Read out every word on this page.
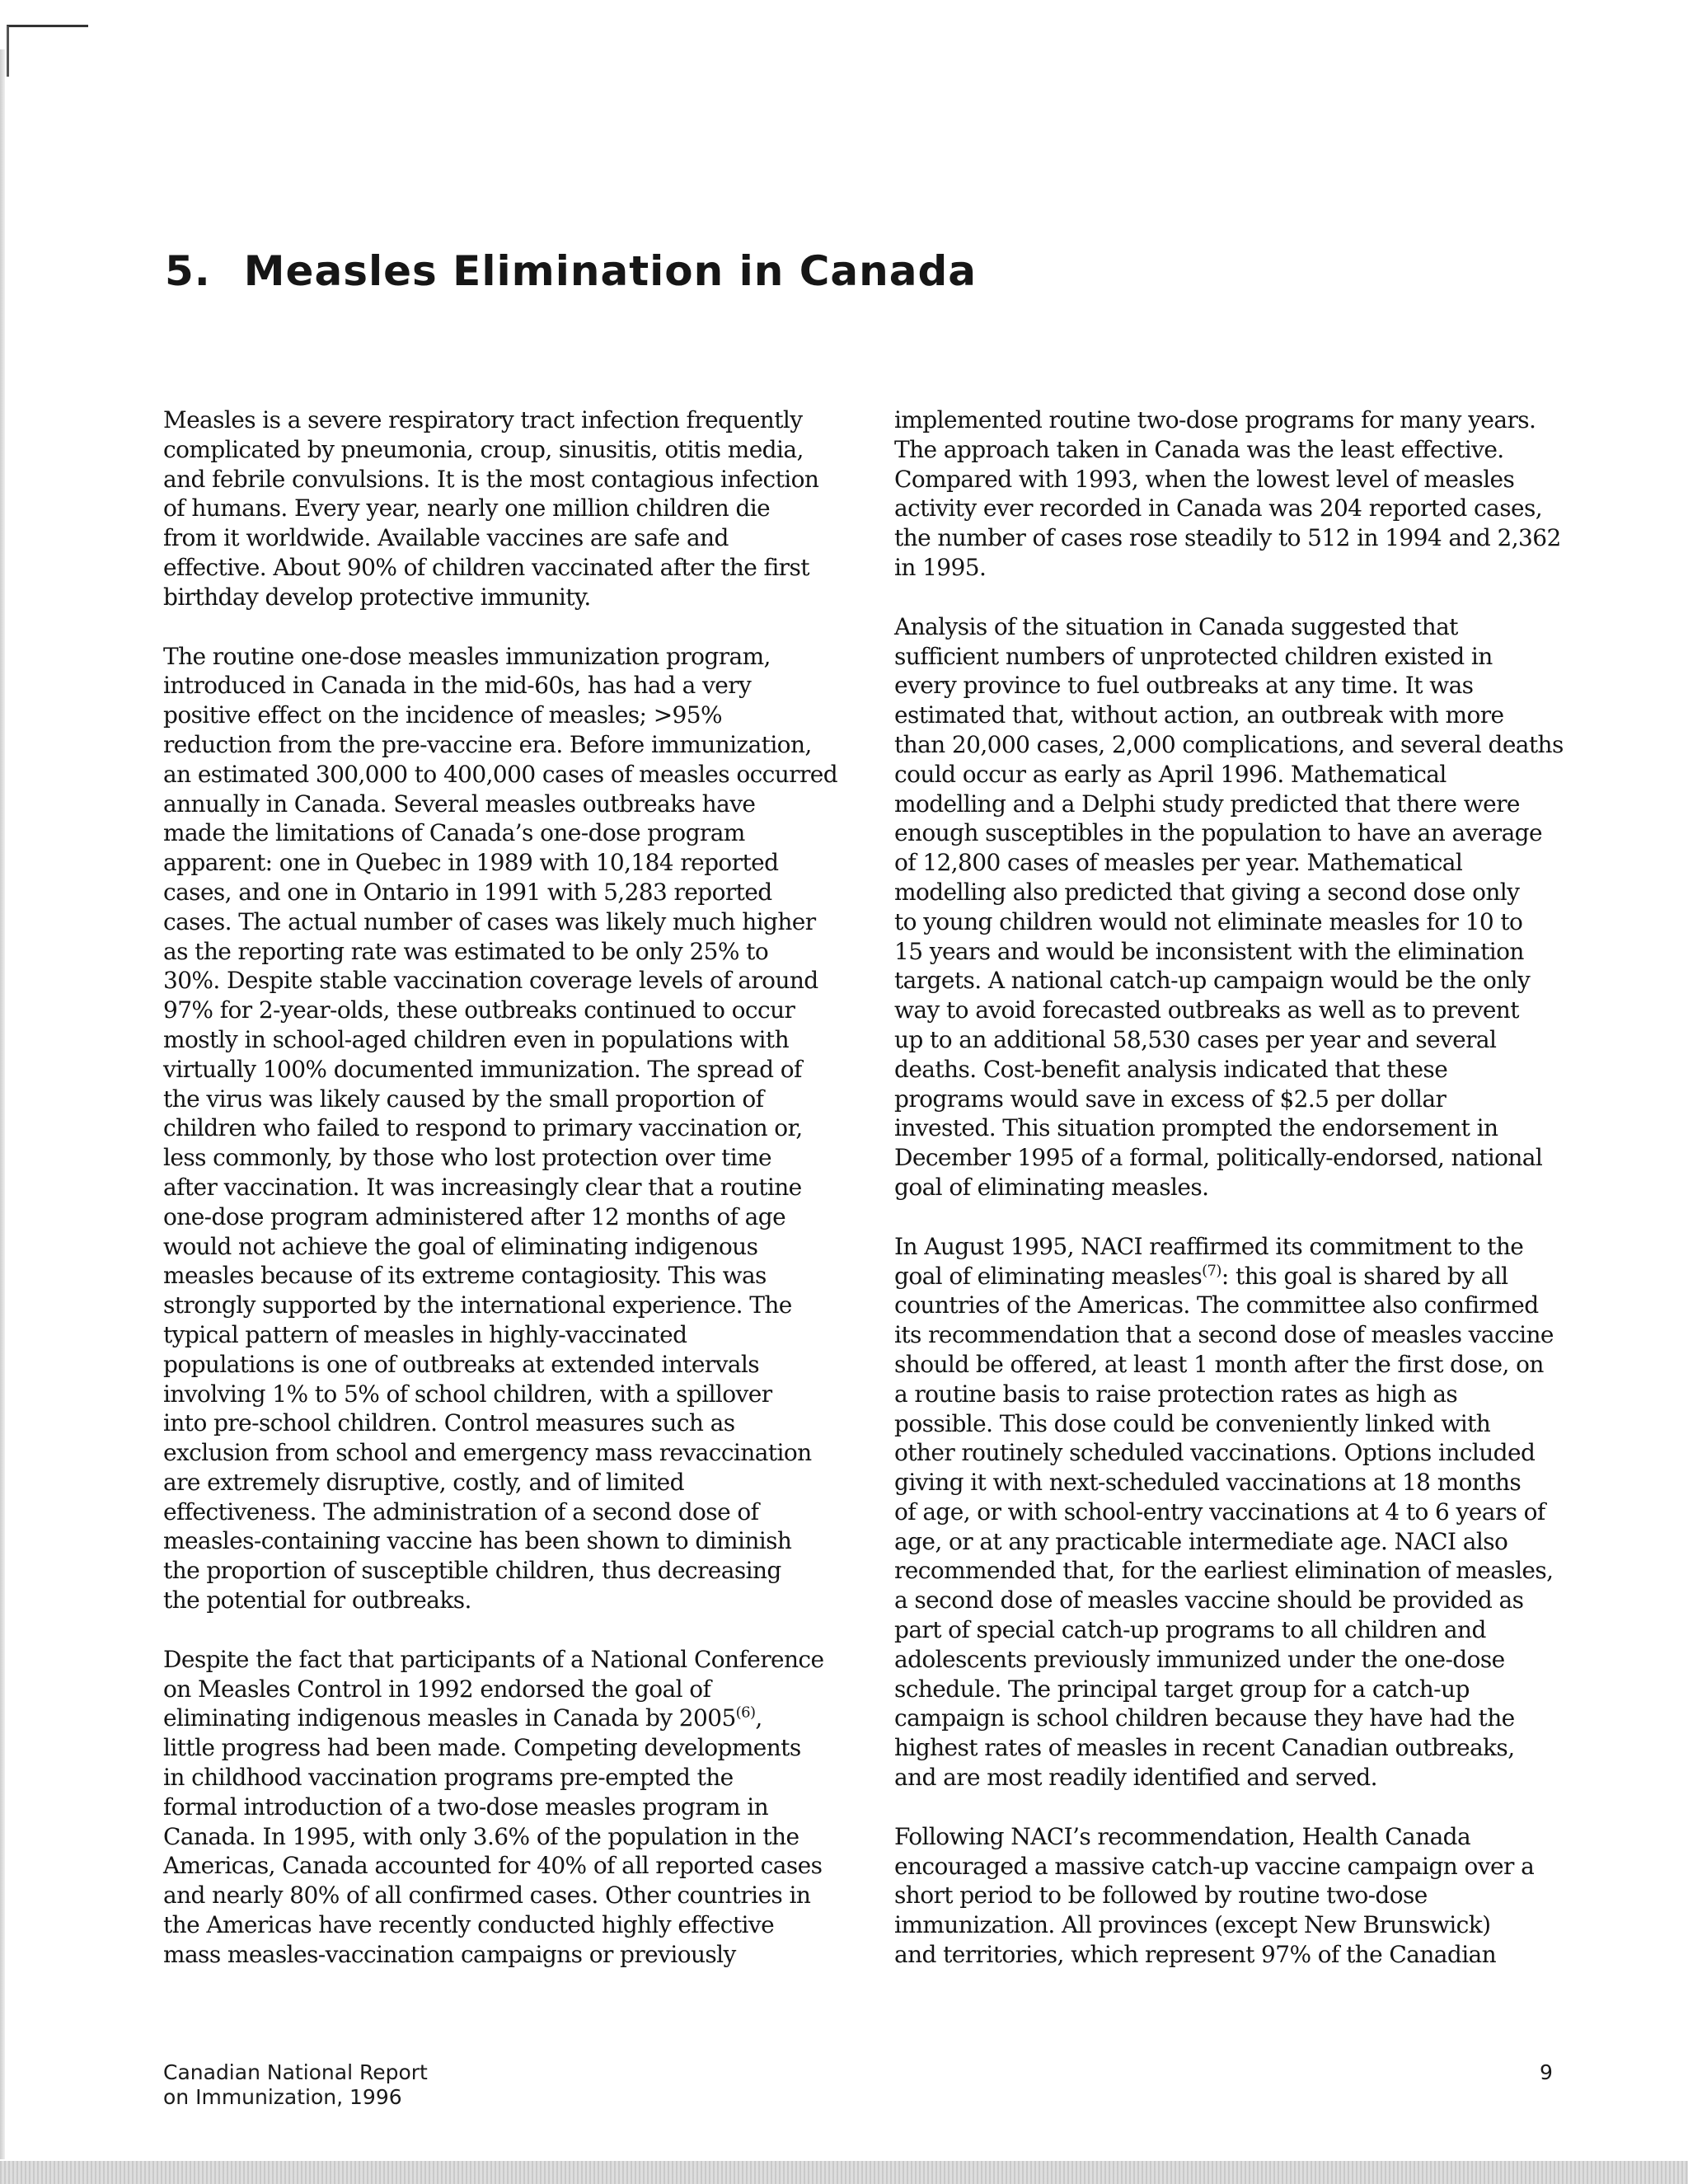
5. Measles Elimination in Canada

Measles is a severe respiratory tract infection frequently
complicated by pneumonia, croup, sinusitis, otitis media,
and febrile convulsions. It is the most contagious infection
of humans. Every year, nearly one million children die
from it worldwide. Available vaccines are safe and
effective. About 90% of children vaccinated after the first
birthday develop protective immunity.

The routine one-dose measles immunization program,
introduced in Canada in the mid-60s, has had a very
positive effect on the incidence of measles; >95%
reduction from the pre-vaccine era. Before immunization,
an estimated 300,000 to 400,000 cases of measles occurred
annually in Canada. Several measles outbreaks have
made the limitations of Canada’s one-dose program
apparent: one in Quebec in 1989 with 10,184 reported
cases, and one in Ontario in 1991 with 5,283 reported
cases. The actual number of cases was likely much higher
as the reporting rate was estimated to be only 25% to
30%. Despite stable vaccination coverage levels of around
97% for 2-year-olds, these outbreaks continued to occur
mostly in school-aged children even in populations with
virtually 100% documented immunization. The spread of
the virus was likely caused by the small proportion of
children who failed to respond to primary vaccination or,
less commonly, by those who lost protection over time
after vaccination. It was increasingly clear that a routine
one-dose program administered after 12 months of age
would not achieve the goal of eliminating indigenous
measles because of its extreme contagiosity. This was
strongly supported by the international experience. The
typical pattern of measles in highly-vaccinated
populations is one of outbreaks at extended intervals
involving 1% to 5% of school children, with a spillover
into pre-school children. Control measures such as
exclusion from school and emergency mass revaccination
are extremely disruptive, costly, and of limited
effectiveness. The administration of a second dose of
measles-containing vaccine has been shown to diminish
the proportion of susceptible children, thus decreasing
the potential for outbreaks.

Despite the fact that participants of a National Conference
on Measles Control in 1992 endorsed the goal of
eliminating indigenous measles in Canada by 2005$^{(6)}$,
little progress had been made. Competing developments
in childhood vaccination programs pre-empted the
formal introduction of a two-dose measles program in
Canada. In 1995, with only 3.6% of the population in the
Americas, Canada accounted for 40% of all reported cases
and nearly 80% of all confirmed cases. Other countries in
the Americas have recently conducted highly effective
mass measles-vaccination campaigns or previously

implemented routine two-dose programs for many years.
The approach taken in Canada was the least effective.
Compared with 1993, when the lowest level of measles
activity ever recorded in Canada was 204 reported cases,
the number of cases rose steadily to 512 in 1994 and 2,362
in 1995.

Analysis of the situation in Canada suggested that
sufficient numbers of unprotected children existed in
every province to fuel outbreaks at any time. It was
estimated that, without action, an outbreak with more
than 20,000 cases, 2,000 complications, and several deaths
could occur as early as April 1996. Mathematical
modelling and a Delphi study predicted that there were
enough susceptibles in the population to have an average
of 12,800 cases of measles per year. Mathematical
modelling also predicted that giving a second dose only
to young children would not eliminate measles for 10 to
15 years and would be inconsistent with the elimination
targets. A national catch-up campaign would be the only
way to avoid forecasted outbreaks as well as to prevent
up to an additional 58,530 cases per year and several
deaths. Cost-benefit analysis indicated that these
programs would save in excess of $2.5 per dollar
invested. This situation prompted the endorsement in
December 1995 of a formal, politically-endorsed, national
goal of eliminating measles.

In August 1995, NACI reaffirmed its commitment to the
goal of eliminating measles$^{(7)}$: this goal is shared by all
countries of the Americas. The committee also confirmed
its recommendation that a second dose of measles vaccine
should be offered, at least 1 month after the first dose, on
a routine basis to raise protection rates as high as
possible. This dose could be conveniently linked with
other routinely scheduled vaccinations. Options included
giving it with next-scheduled vaccinations at 18 months
of age, or with school-entry vaccinations at 4 to 6 years of
age, or at any practicable intermediate age. NACI also
recommended that, for the earliest elimination of measles,
a second dose of measles vaccine should be provided as
part of special catch-up programs to all children and
adolescents previously immunized under the one-dose
schedule. The principal target group for a catch-up
campaign is school children because they have had the
highest rates of measles in recent Canadian outbreaks,
and are most readily identified and served.

Following NACI’s recommendation, Health Canada
encouraged a massive catch-up vaccine campaign over a
short period to be followed by routine two-dose
immunization. All provinces (except New Brunswick)
and territories, which represent 97% of the Canadian

Canadian National Report
on Immunization, 1996
9
